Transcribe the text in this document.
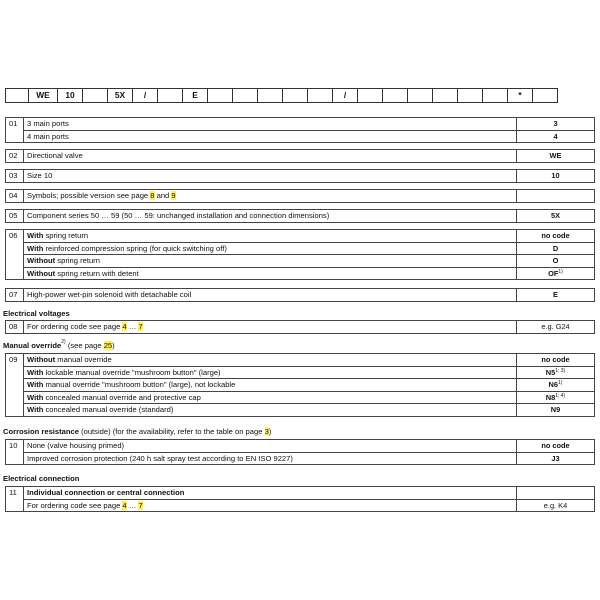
WE	10	5X	/	E	/	*
01	3 main ports	3
4 main ports	4
02	Directional valve	WE
03	Size 10	10
04	Symbols; possible version see page 8 and 9
05	Component series 50 … 59 (50 … 59: unchanged installation and connection dimensions)	5X
06	With spring return	no code
With reinforced compression spring (for quick switching off)	D
Without spring return	O
Without spring return with detent	OF$^{1)}$
07	High-power wet-pin solenoid with detachable coil	E
Electrical voltages
08	For ordering code see page 4 … 7	e.g. G24
Manual override$^{2)}$ (see page 25)
09	Without manual override	no code
With lockable manual override "mushroom button" (large)	N5$^{1; 3)}$
With manual override "mushroom button" (large), not lockable	N6$^{1)}$
With concealed manual override and protective cap	N8$^{1; 4)}$
With concealed manual override (standard)	N9
Corrosion resistance (outside) (for the availability, refer to the table on page 3)
10	None (valve housing primed)	no code
Improved corrosion protection (240 h salt spray test according to EN ISO 9227)	J3
Electrical connection
11	Individual connection or central connection
For ordering code see page 4 … 7	e.g. K4
